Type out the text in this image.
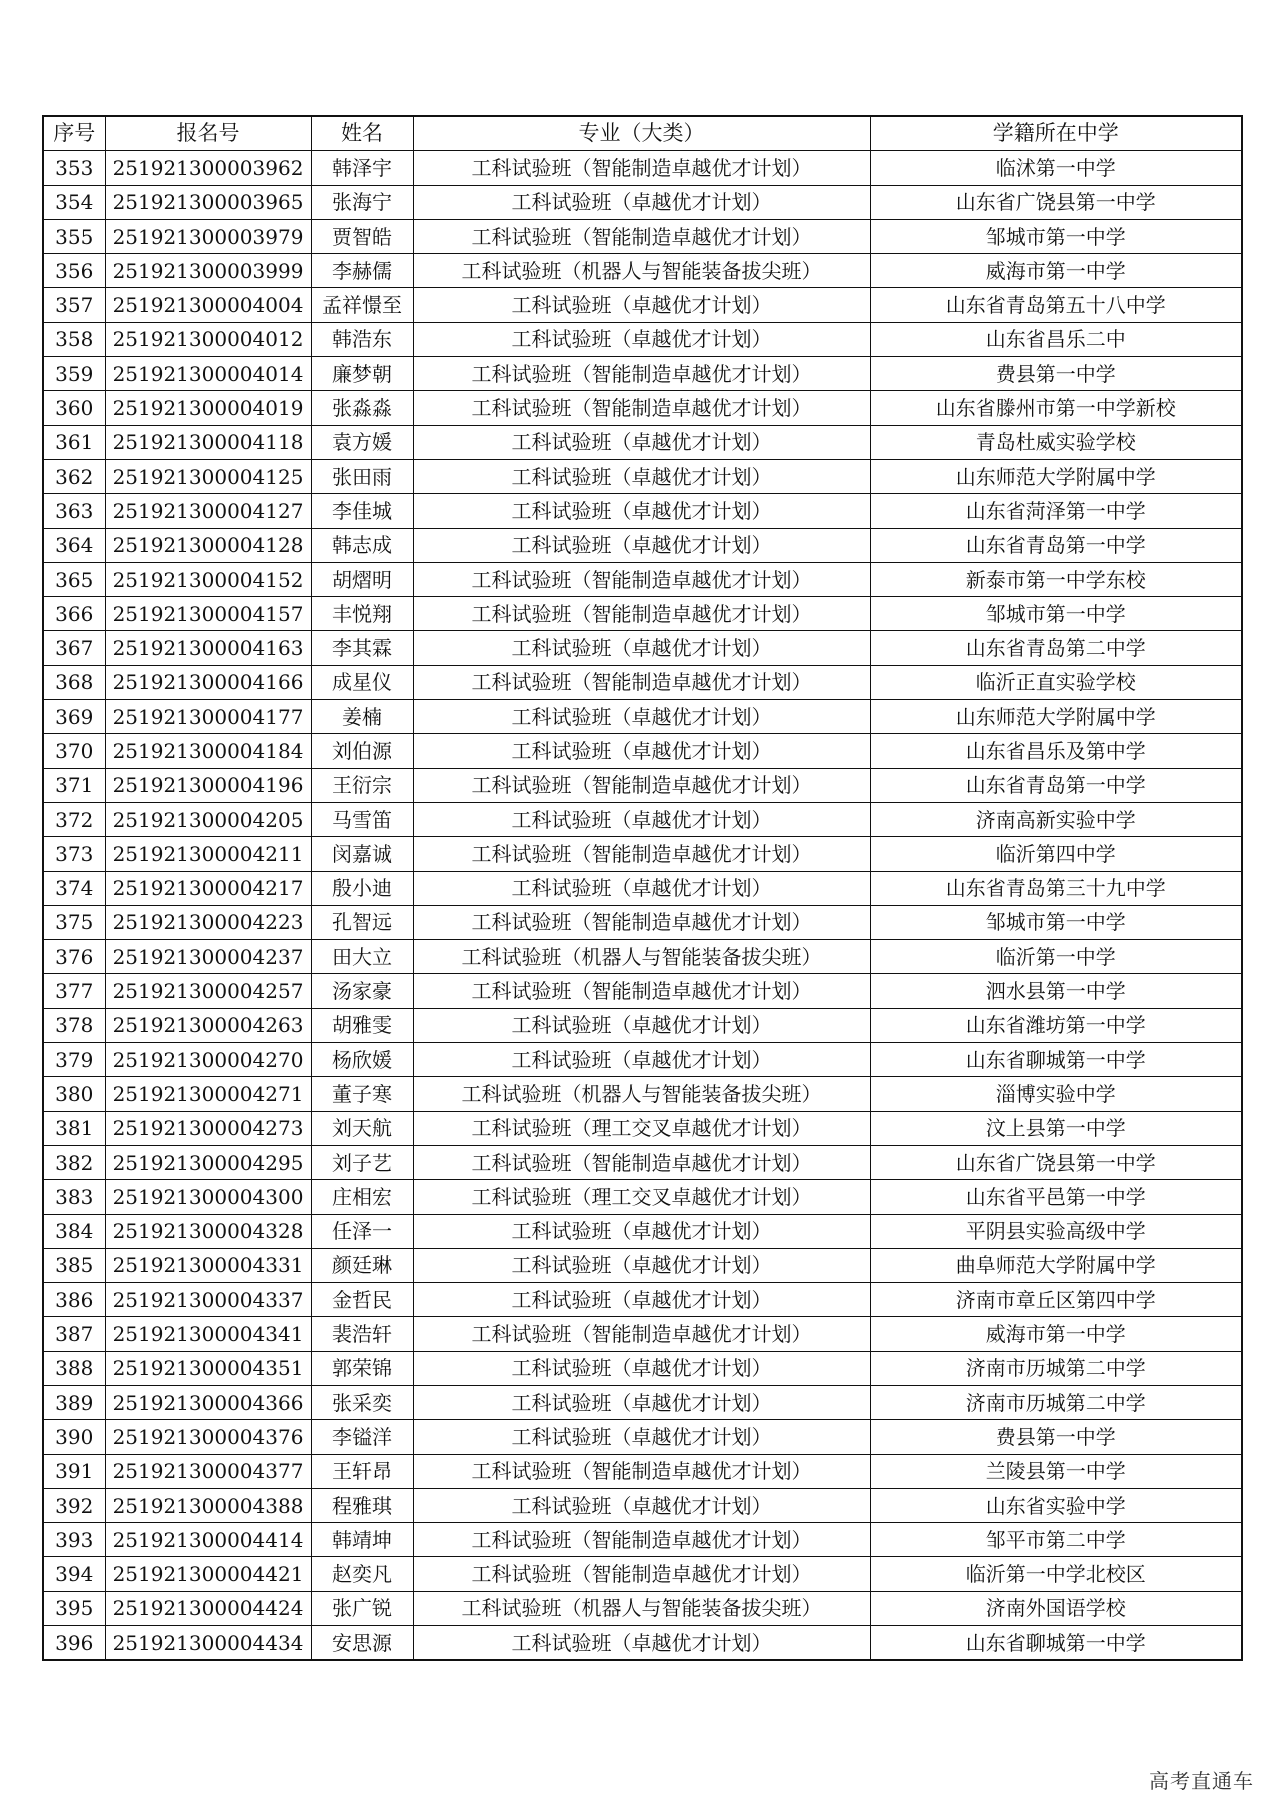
序号	报名号	姓名	专业（大类）	学籍所在中学
353	251921300003962	韩泽宇	工科试验班（智能制造卓越优才计划）	临沭第一中学
354	251921300003965	张海宁	工科试验班（卓越优才计划）	山东省广饶县第一中学
355	251921300003979	贾智皓	工科试验班（智能制造卓越优才计划）	邹城市第一中学
356	251921300003999	李赫儒	工科试验班（机器人与智能装备拔尖班）	威海市第一中学
357	251921300004004	孟祥憬至	工科试验班（卓越优才计划）	山东省青岛第五十八中学
358	251921300004012	韩浩东	工科试验班（卓越优才计划）	山东省昌乐二中
359	251921300004014	廉梦朝	工科试验班（智能制造卓越优才计划）	费县第一中学
360	251921300004019	张淼淼	工科试验班（智能制造卓越优才计划）	山东省滕州市第一中学新校
361	251921300004118	袁方媛	工科试验班（卓越优才计划）	青岛杜威实验学校
362	251921300004125	张田雨	工科试验班（卓越优才计划）	山东师范大学附属中学
363	251921300004127	李佳城	工科试验班（卓越优才计划）	山东省菏泽第一中学
364	251921300004128	韩志成	工科试验班（卓越优才计划）	山东省青岛第一中学
365	251921300004152	胡熠明	工科试验班（智能制造卓越优才计划）	新泰市第一中学东校
366	251921300004157	丰悦翔	工科试验班（智能制造卓越优才计划）	邹城市第一中学
367	251921300004163	李其霖	工科试验班（卓越优才计划）	山东省青岛第二中学
368	251921300004166	成星仪	工科试验班（智能制造卓越优才计划）	临沂正直实验学校
369	251921300004177	姜楠	工科试验班（卓越优才计划）	山东师范大学附属中学
370	251921300004184	刘伯源	工科试验班（卓越优才计划）	山东省昌乐及第中学
371	251921300004196	王衍宗	工科试验班（智能制造卓越优才计划）	山东省青岛第一中学
372	251921300004205	马雪笛	工科试验班（卓越优才计划）	济南高新实验中学
373	251921300004211	闵嘉诚	工科试验班（智能制造卓越优才计划）	临沂第四中学
374	251921300004217	殷小迪	工科试验班（卓越优才计划）	山东省青岛第三十九中学
375	251921300004223	孔智远	工科试验班（智能制造卓越优才计划）	邹城市第一中学
376	251921300004237	田大立	工科试验班（机器人与智能装备拔尖班）	临沂第一中学
377	251921300004257	汤家豪	工科试验班（智能制造卓越优才计划）	泗水县第一中学
378	251921300004263	胡雅雯	工科试验班（卓越优才计划）	山东省潍坊第一中学
379	251921300004270	杨欣媛	工科试验班（卓越优才计划）	山东省聊城第一中学
380	251921300004271	董子寒	工科试验班（机器人与智能装备拔尖班）	淄博实验中学
381	251921300004273	刘天航	工科试验班（理工交叉卓越优才计划）	汶上县第一中学
382	251921300004295	刘子艺	工科试验班（智能制造卓越优才计划）	山东省广饶县第一中学
383	251921300004300	庄相宏	工科试验班（理工交叉卓越优才计划）	山东省平邑第一中学
384	251921300004328	任泽一	工科试验班（卓越优才计划）	平阴县实验高级中学
385	251921300004331	颜廷琳	工科试验班（卓越优才计划）	曲阜师范大学附属中学
386	251921300004337	金哲民	工科试验班（卓越优才计划）	济南市章丘区第四中学
387	251921300004341	裴浩轩	工科试验班（智能制造卓越优才计划）	威海市第一中学
388	251921300004351	郭荣锦	工科试验班（卓越优才计划）	济南市历城第二中学
389	251921300004366	张采奕	工科试验班（卓越优才计划）	济南市历城第二中学
390	251921300004376	李镒洋	工科试验班（卓越优才计划）	费县第一中学
391	251921300004377	王轩昂	工科试验班（智能制造卓越优才计划）	兰陵县第一中学
392	251921300004388	程雅琪	工科试验班（卓越优才计划）	山东省实验中学
393	251921300004414	韩靖坤	工科试验班（智能制造卓越优才计划）	邹平市第二中学
394	251921300004421	赵奕凡	工科试验班（智能制造卓越优才计划）	临沂第一中学北校区
395	251921300004424	张广锐	工科试验班（机器人与智能装备拔尖班）	济南外国语学校
396	251921300004434	安思源	工科试验班（卓越优才计划）	山东省聊城第一中学
高考直通车
